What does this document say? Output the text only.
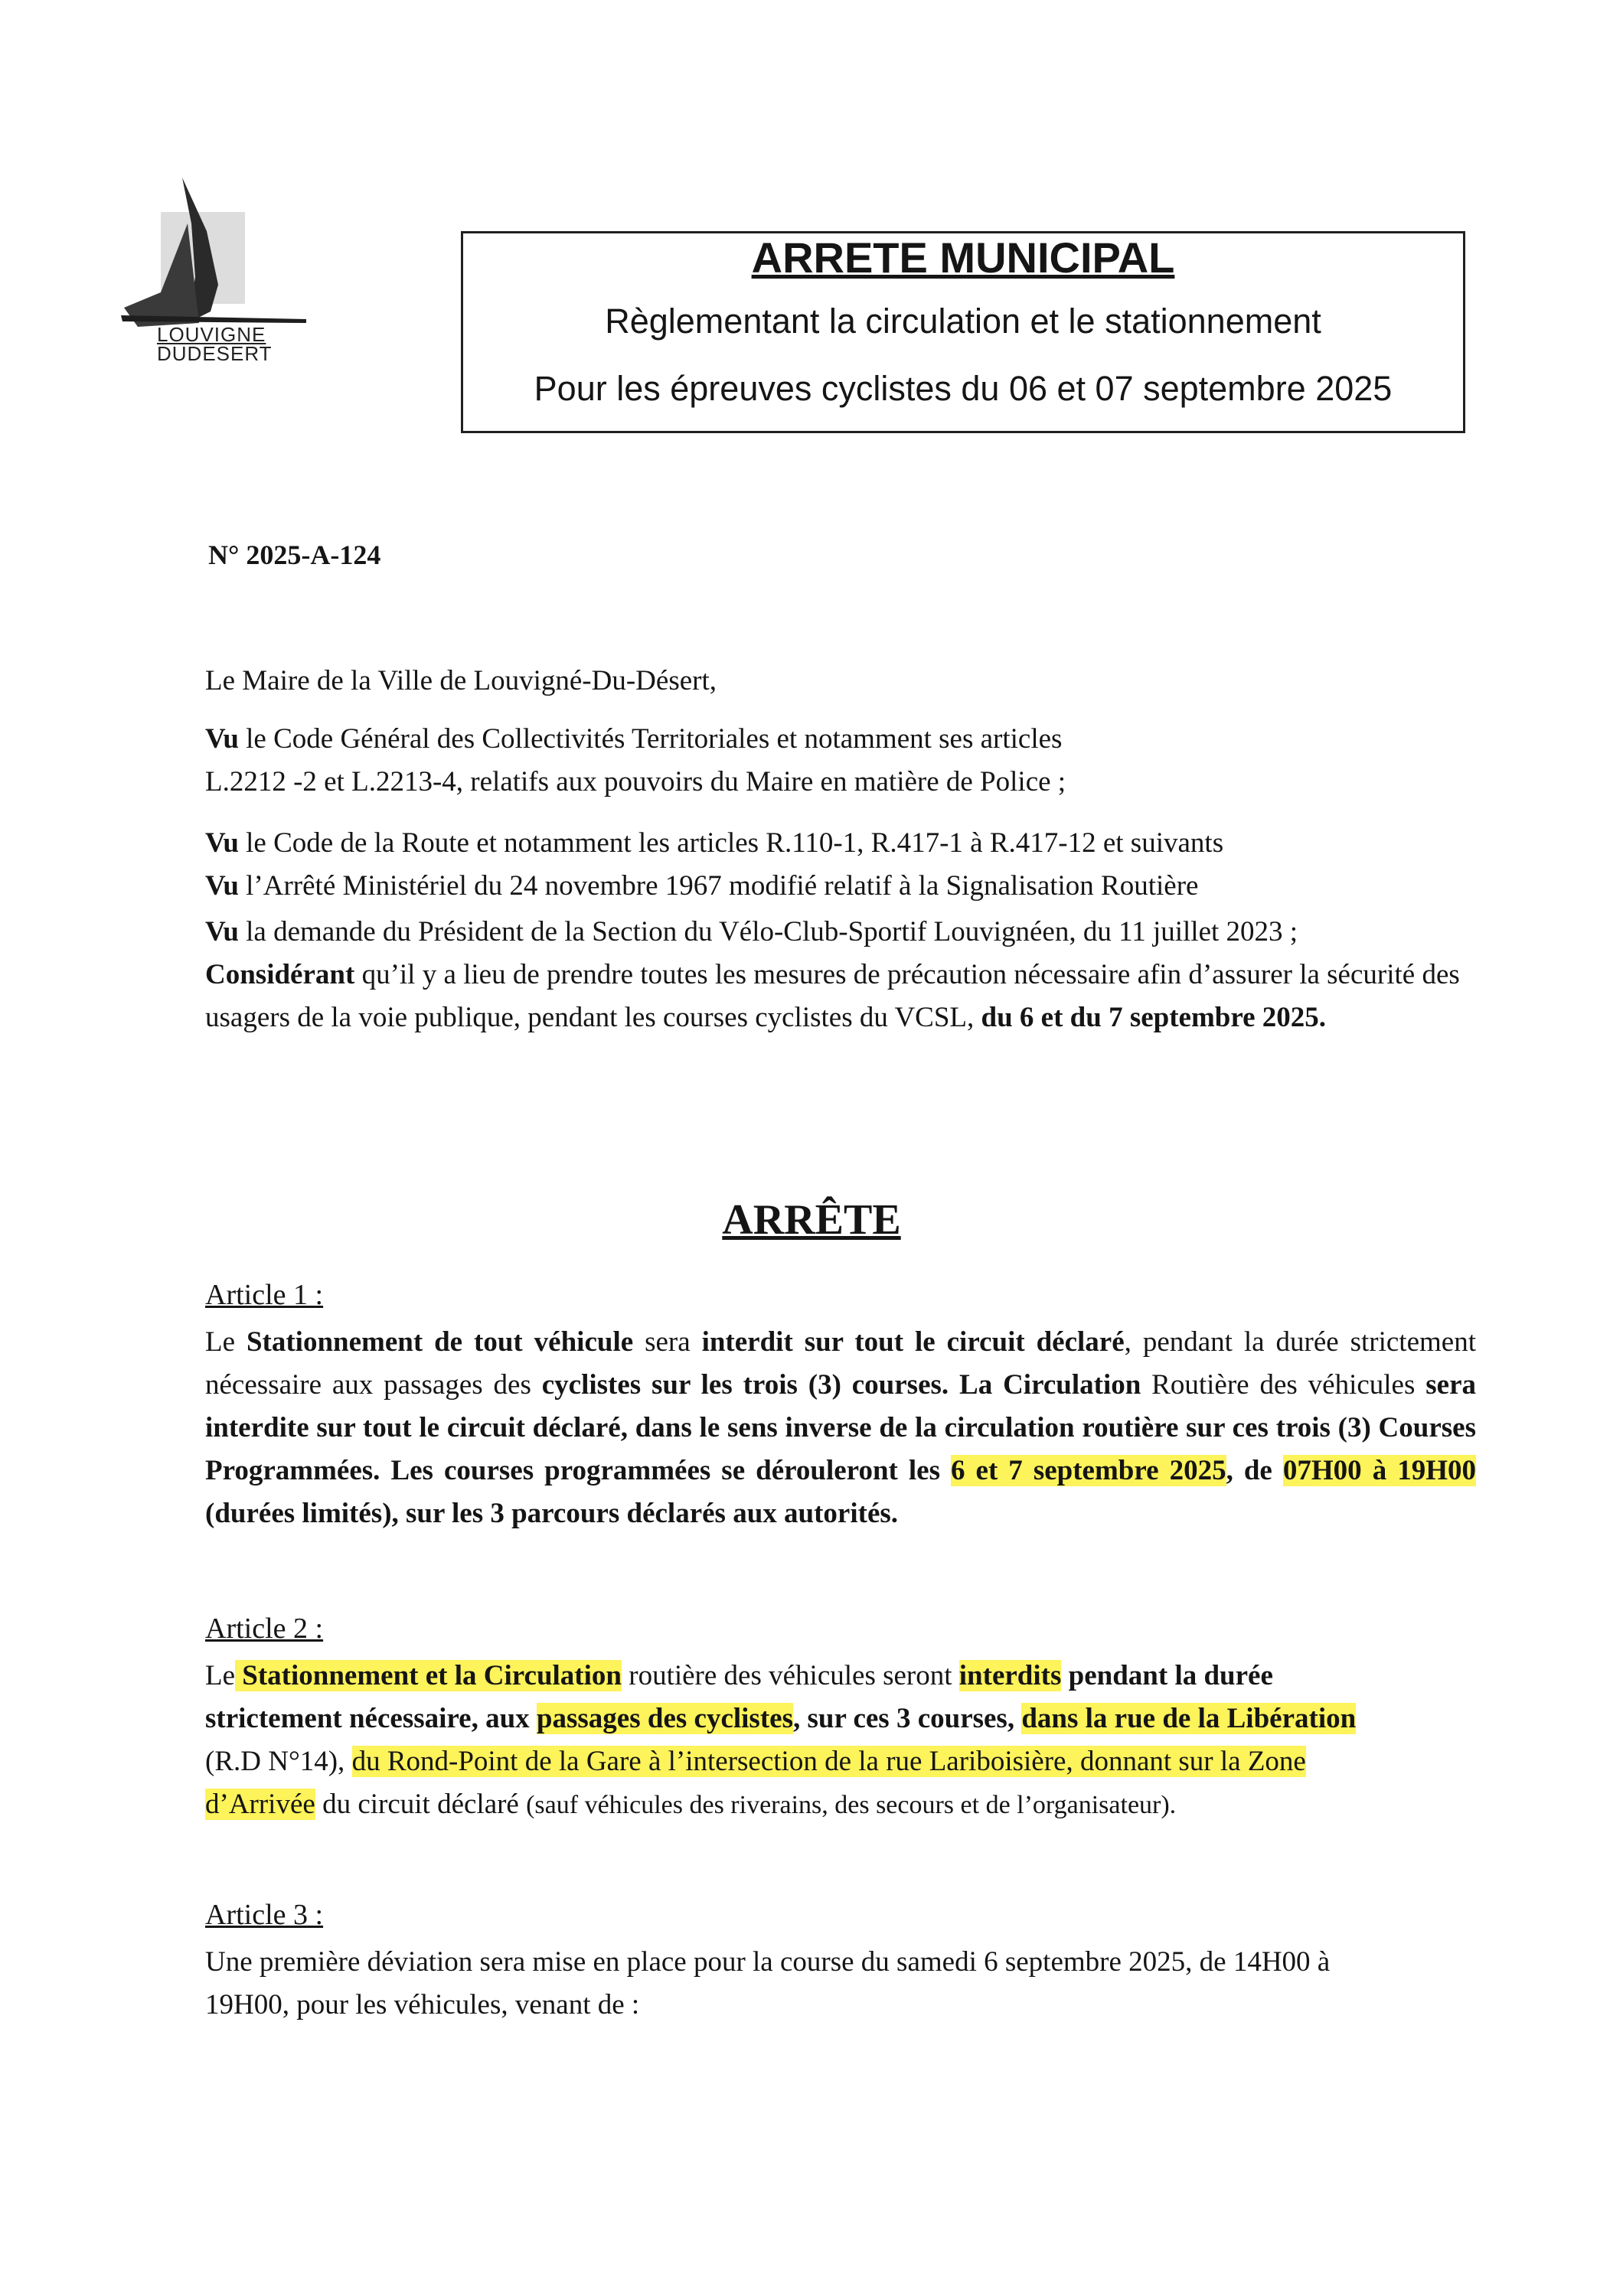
LOUVIGNE
DUDESERT
ARRETE MUNICIPAL
Règlementant la circulation et le stationnement
Pour les épreuves cyclistes du 06 et 07 septembre 2025
N° 2025-A-124

Le Maire de la Ville de Louvigné-Du-Désert,

Vu le Code Général des Collectivités Territoriales et notamment ses articles

L.2212 -2 et L.2213-4, relatifs aux pouvoirs du Maire en matière de Police ;

Vu le Code de la Route et notamment les articles R.110-1, R.417-1 à R.417-12 et suivants

Vu l’Arrêté Ministériel du 24 novembre 1967 modifié relatif à la Signalisation Routière

Vu la demande du Président de la Section du Vélo-Club-Sportif Louvignéen, du 11 juillet 2023 ;

Considérant qu’il y a lieu de prendre toutes les mesures de précaution nécessaire afin d’assurer la sécurité des usagers de la voie publique, pendant les courses cyclistes du VCSL, du 6 et du 7 septembre 2025.

ARRÊTE
Article 1 :

Le Stationnement de tout véhicule sera interdit sur tout le circuit déclaré, pendant la durée strictement nécessaire aux passages des cyclistes sur les trois (3) courses. La Circulation Routière des véhicules sera interdite sur tout le circuit déclaré, dans le sens inverse de la circulation routière sur ces trois (3) Courses Programmées. Les courses programmées se dérouleront les 6 et 7 septembre 2025, de 07H00 à 19H00 (durées limités), sur les 3 parcours déclarés aux autorités.

Article 2 :

Le Stationnement et la Circulation routière des véhicules seront interdits pendant la durée strictement nécessaire, aux passages des cyclistes, sur ces 3 courses, dans la rue de la Libération (R.D N°14), du Rond-Point de la Gare à l’intersection de la rue Lariboisière, donnant sur la Zone d’Arrivée du circuit déclaré (sauf véhicules des riverains, des secours et de l’organisateur).

Article 3 :

Une première déviation sera mise en place pour la course du samedi 6 septembre 2025, de 14H00 à 19H00, pour les véhicules, venant de :
